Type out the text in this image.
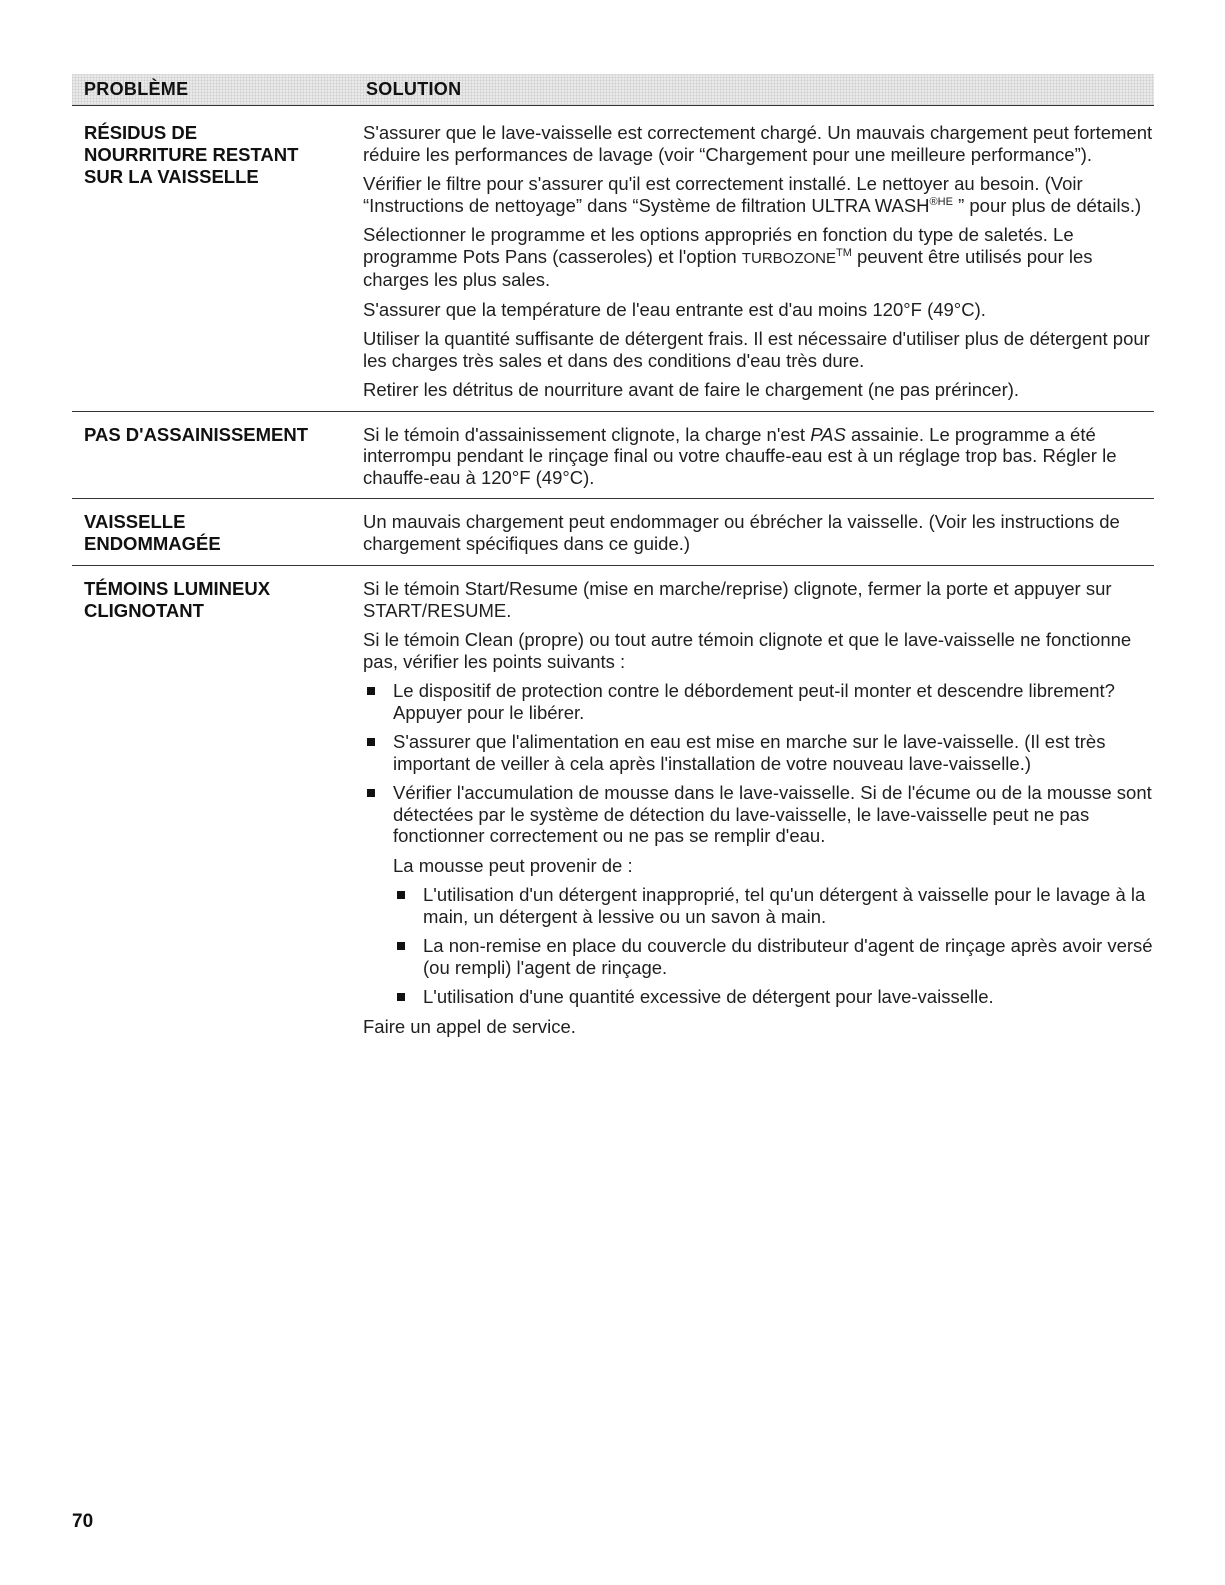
PROBLÈME	SOLUTION
RÉSIDUS DE
NOURRITURE RESTANT
SUR LA VAISSELLE

S'assurer que le lave-vaisselle est correctement chargé. Un mauvais chargement peut fortement réduire les performances de lavage (voir “Chargement pour une meilleure performance”).

Vérifier le filtre pour s'assurer qu'il est correctement installé. Le nettoyer au besoin. (Voir “Instructions de nettoyage” dans “Système de filtration ULTRA $WASH^{®HE}$ ” pour plus de détails.)

Sélectionner le programme et les options appropriés en fonction du type de saletés. Le programme Pots Pans (casseroles) et l'option TURBOZONE™ peuvent être utilisés pour les charges les plus sales.

S'assurer que la température de l'eau entrante est d'au moins 120°F (49°C).

Utiliser la quantité suffisante de détergent frais. Il est nécessaire d'utiliser plus de détergent pour les charges très sales et dans des conditions d'eau très dure.

Retirer les détritus de nourriture avant de faire le chargement (ne pas prérincer).

PAS D'ASSAINISSEMENT	Si le témoin d'assainissement clignote, la charge n'est PAS assainie. Le programme a été interrompu pendant le rinçage final ou votre chauffe-eau est à un réglage trop bas. Régler le chauffe-eau à 120°F (49°C).

VAISSELLE
ENDOMMAGÉE

Un mauvais chargement peut endommager ou ébrécher la vaisselle. (Voir les instructions de chargement spécifiques dans ce guide.)

TÉMOINS LUMINEUX
CLIGNOTANT

Si le témoin Start/Resume (mise en marche/reprise) clignote, fermer la porte et appuyer sur START/RESUME.

Si le témoin Clean (propre) ou tout autre témoin clignote et que le lave-vaisselle ne fonctionne pas, vérifier les points suivants :

Le dispositif de protection contre le débordement peut-il monter et descendre librement? Appuyer pour le libérer.
S'assurer que l'alimentation en eau est mise en marche sur le lave-vaisselle. (Il est très important de veiller à cela après l'installation de votre nouveau lave-vaisselle.)
Vérifier l'accumulation de mousse dans le lave-vaisselle. Si de l'écume ou de la mousse sont détectées par le système de détection du lave-vaisselle, le lave-vaisselle peut ne pas fonctionner correctement ou ne pas se remplir d'eau.
La mousse peut provenir de :
L'utilisation d'un détergent inapproprié, tel qu'un détergent à vaisselle pour le lavage à la main, un détergent à lessive ou un savon à main.
La non-remise en place du couvercle du distributeur d'agent de rinçage après avoir versé (ou rempli) l'agent de rinçage.
L'utilisation d'une quantité excessive de détergent pour lave-vaisselle.

Faire un appel de service.

70
